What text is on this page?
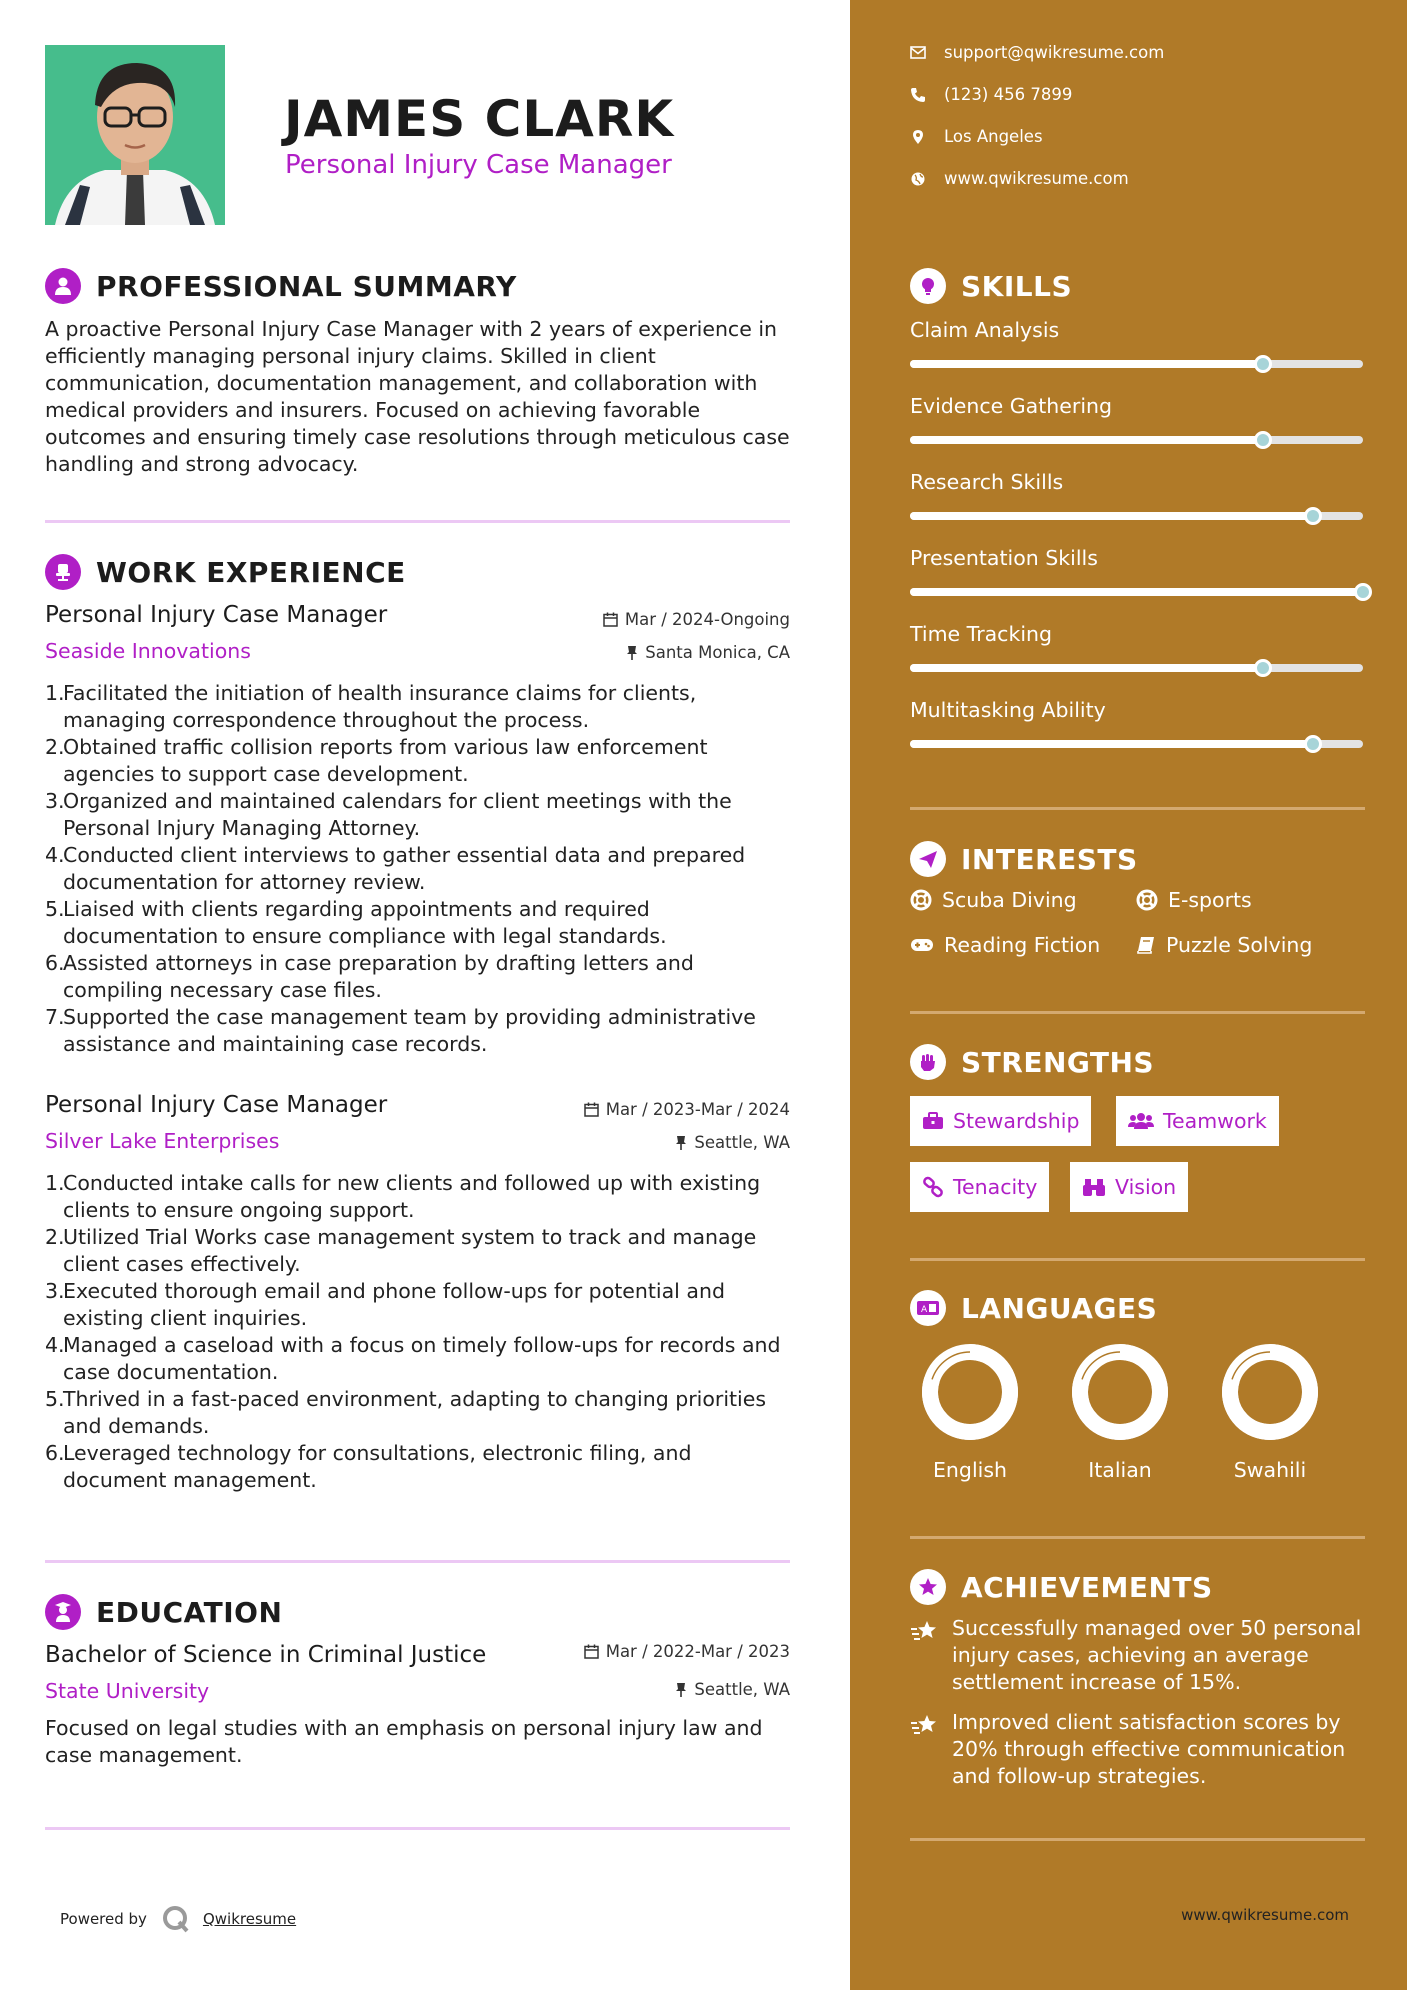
JAMES CLARK
Personal Injury Case Manager
PROFESSIONAL SUMMARY
A proactive Personal Injury Case Manager with 2 years of experience in efficiently managing personal injury claims. Skilled in client communication, documentation management, and collaboration with medical providers and insurers. Focused on achieving favorable outcomes and ensuring timely case resolutions through meticulous case handling and strong advocacy.
WORK EXPERIENCE
Personal Injury Case Manager	Mar / 2024-Ongoing
Seaside Innovations	Santa Monica, CA
1.
Facilitated the initiation of health insurance claims for clients, managing correspondence throughout the process.
2.
Obtained traffic collision reports from various law enforcement agencies to support case development.
3.
Organized and maintained calendars for client meetings with the Personal Injury Managing Attorney.
4.
Conducted client interviews to gather essential data and prepared documentation for attorney review.
5.
Liaised with clients regarding appointments and required documentation to ensure compliance with legal standards.
6.
Assisted attorneys in case preparation by drafting letters and compiling necessary case files.
7.
Supported the case management team by providing administrative assistance and maintaining case records.
Personal Injury Case Manager	Mar / 2023-Mar / 2024
Silver Lake Enterprises	Seattle, WA
1.
Conducted intake calls for new clients and followed up with existing clients to ensure ongoing support.
2.
Utilized Trial Works case management system to track and manage client cases effectively.
3.
Executed thorough email and phone follow-ups for potential and existing client inquiries.
4.
Managed a caseload with a focus on timely follow-ups for records and case documentation.
5.
Thrived in a fast-paced environment, adapting to changing priorities and demands.
6.
Leveraged technology for consultations, electronic filing, and document management.
EDUCATION
Bachelor of Science in Criminal Justice	Mar / 2022-Mar / 2023
State University	Seattle, WA
Focused on legal studies with an emphasis on personal injury law and case management.
Powered by	Qwikresume
support@qwikresume.com
(123) 456 7899
Los Angeles
www.qwikresume.com
SKILLS
Claim Analysis
Evidence Gathering
Research Skills
Presentation Skills
Time Tracking
Multitasking Ability
INTERESTS
Scuba Diving	E-sports
Reading Fiction	Puzzle Solving
STRENGTHS
Stewardship	Teamwork
Tenacity	Vision
A LANGUAGES
English	Italian	Swahili
ACHIEVEMENTS
Successfully managed over 50 personal injury cases, achieving an average settlement increase of 15%.
Improved client satisfaction scores by 20% through effective communication and follow-up strategies.
www.qwikresume.com
